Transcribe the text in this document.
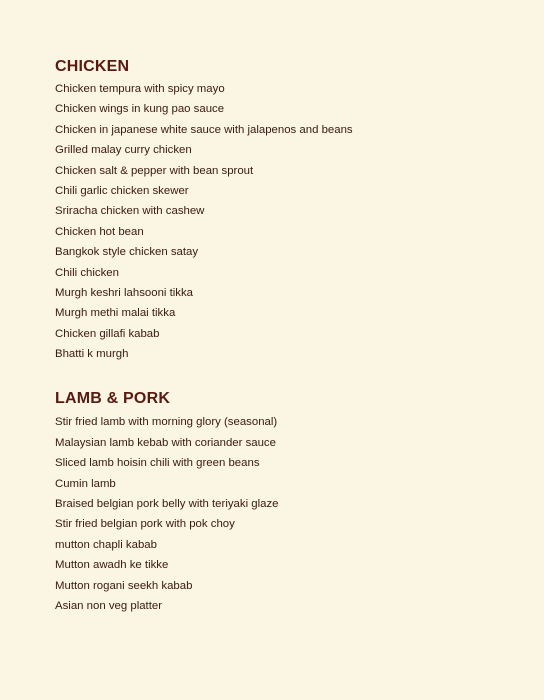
CHICKEN
Chicken tempura with spicy mayo
Chicken wings in kung pao sauce
Chicken in japanese white sauce with jalapenos and beans
Grilled malay curry chicken
Chicken salt & pepper with bean sprout
Chili garlic chicken skewer
Sriracha chicken with cashew
Chicken hot bean
Bangkok style chicken satay
Chili chicken
Murgh keshri lahsooni tikka
Murgh methi malai tikka
Chicken gillafi kabab
Bhatti k murgh
LAMB & PORK
Stir fried lamb with morning glory (seasonal)
Malaysian lamb kebab with coriander sauce
Sliced lamb hoisin chili with green beans
Cumin lamb
Braised belgian pork belly with teriyaki glaze
Stir fried belgian pork with pok choy
mutton chapli kabab
Mutton awadh ke tikke
Mutton rogani seekh kabab
Asian non veg platter
